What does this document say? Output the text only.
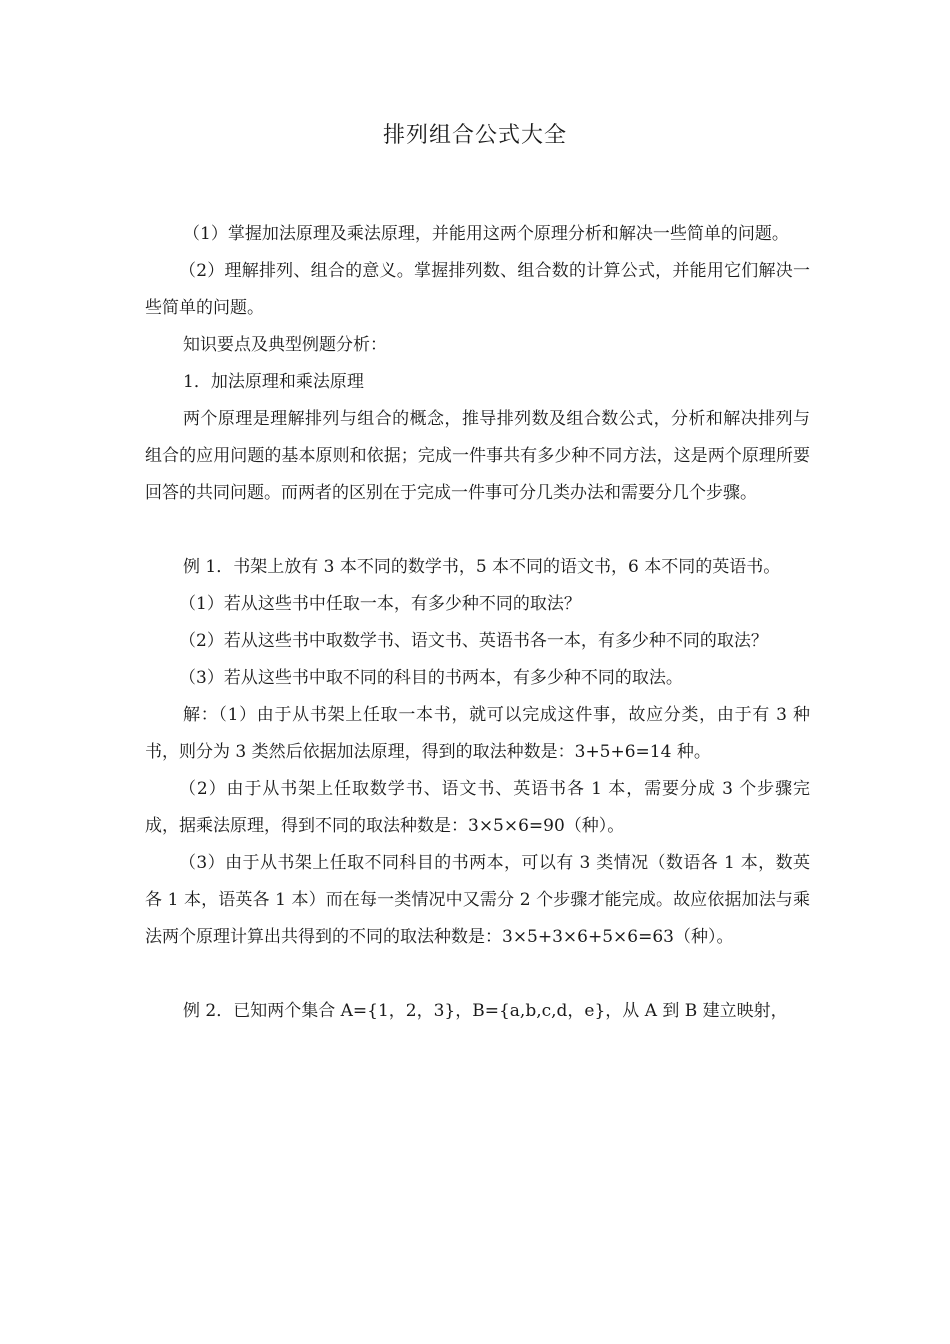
排列组合公式大全

（1）掌握加法原理及乘法原理，并能用这两个原理分析和解决一些简单的问题。

（2）理解排列、组合的意义。掌握排列数、组合数的计算公式，并能用它们解决一些简单的问题。

知识要点及典型例题分析：

1．加法原理和乘法原理

两个原理是理解排列与组合的概念，推导排列数及组合数公式，分析和解决排列与组合的应用问题的基本原则和依据；完成一件事共有多少种不同方法，这是两个原理所要回答的共同问题。而两者的区别在于完成一件事可分几类办法和需要分几个步骤。

例 1．书架上放有 3 本不同的数学书，5 本不同的语文书，6 本不同的英语书。

（1）若从这些书中任取一本，有多少种不同的取法？

（2）若从这些书中取数学书、语文书、英语书各一本，有多少种不同的取法？

（3）若从这些书中取不同的科目的书两本，有多少种不同的取法。

解：（1）由于从书架上任取一本书，就可以完成这件事，故应分类，由于有 3 种书，则分为 3 类然后依据加法原理，得到的取法种数是：3+5+6=14 种。

（2）由于从书架上任取数学书、语文书、英语书各 1 本，需要分成 3 个步骤完成，据乘法原理，得到不同的取法种数是：3×5×6=90（种）。

（3）由于从书架上任取不同科目的书两本，可以有 3 类情况（数语各 1 本，数英各 1 本，语英各 1 本）而在每一类情况中又需分 2 个步骤才能完成。故应依据加法与乘法两个原理计算出共得到的不同的取法种数是：3×5+3×6+5×6=63（种）。

例 2．已知两个集合 A={1，2，3}，B={a,b,c,d，e}，从 A 到 B 建立映射，
